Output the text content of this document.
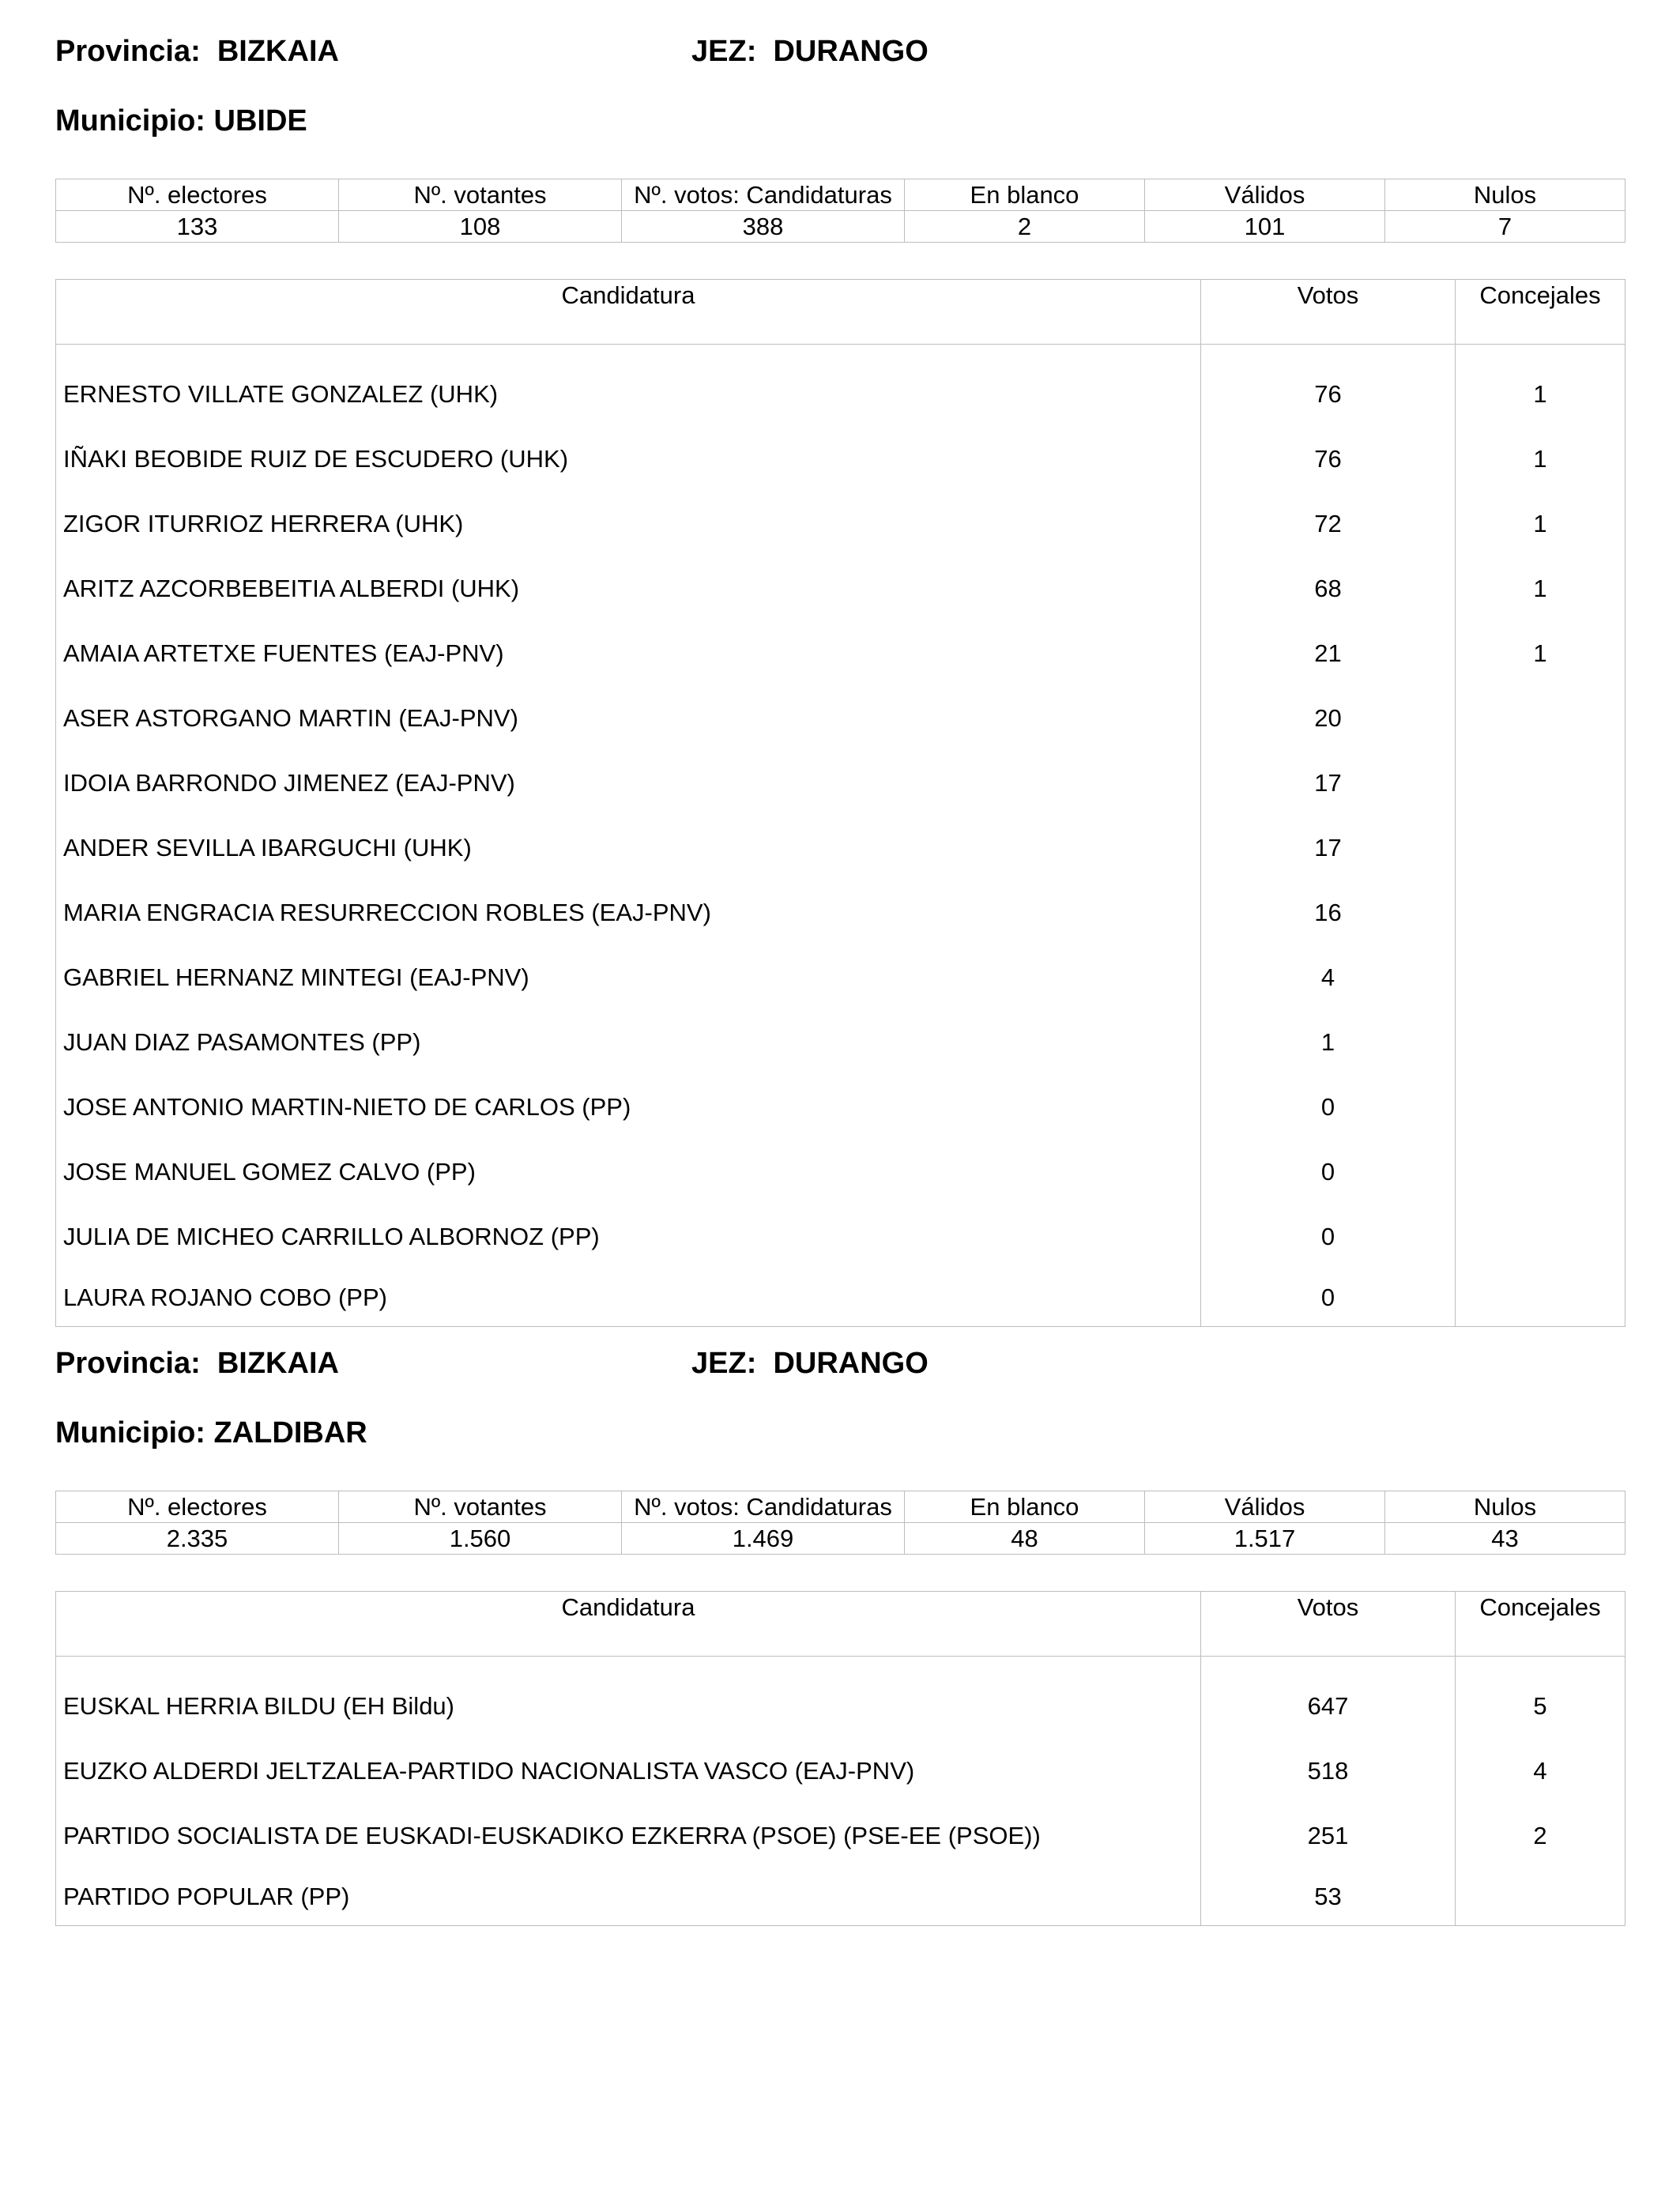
Provincia:  BIZKAIA	JEZ:  DURANGO
Municipio: UBIDE
Nº. electores	Nº. votantes	Nº. votos: Candidaturas	En blanco	Válidos	Nulos
133	108	388	2	101	7
Candidatura	Votos	Concejales
ERNESTO VILLATE GONZALEZ (UHK)	76	1
IÑAKI BEOBIDE RUIZ DE ESCUDERO (UHK)	76	1
ZIGOR ITURRIOZ HERRERA (UHK)	72	1
ARITZ AZCORBEBEITIA ALBERDI (UHK)	68	1
AMAIA ARTETXE FUENTES (EAJ-PNV)	21	1
ASER ASTORGANO MARTIN (EAJ-PNV)	20	
IDOIA BARRONDO JIMENEZ (EAJ-PNV)	17	
ANDER SEVILLA IBARGUCHI (UHK)	17	
MARIA ENGRACIA RESURRECCION ROBLES (EAJ-PNV)	16	
GABRIEL HERNANZ MINTEGI (EAJ-PNV)	4	
JUAN DIAZ PASAMONTES (PP)	1	
JOSE ANTONIO MARTIN-NIETO DE CARLOS (PP)	0	
JOSE MANUEL GOMEZ CALVO (PP)	0	
JULIA DE MICHEO CARRILLO ALBORNOZ (PP)	0	
LAURA ROJANO COBO (PP)	0	
Provincia:  BIZKAIA	JEZ:  DURANGO
Municipio: ZALDIBAR
Nº. electores	Nº. votantes	Nº. votos: Candidaturas	En blanco	Válidos	Nulos
2.335	1.560	1.469	48	1.517	43
Candidatura	Votos	Concejales
EUSKAL HERRIA BILDU (EH Bildu)	647	5
EUZKO ALDERDI JELTZALEA-PARTIDO NACIONALISTA VASCO (EAJ-PNV)	518	4
PARTIDO SOCIALISTA DE EUSKADI-EUSKADIKO EZKERRA (PSOE) (PSE-EE (PSOE))	251	2
PARTIDO POPULAR (PP)	53	
